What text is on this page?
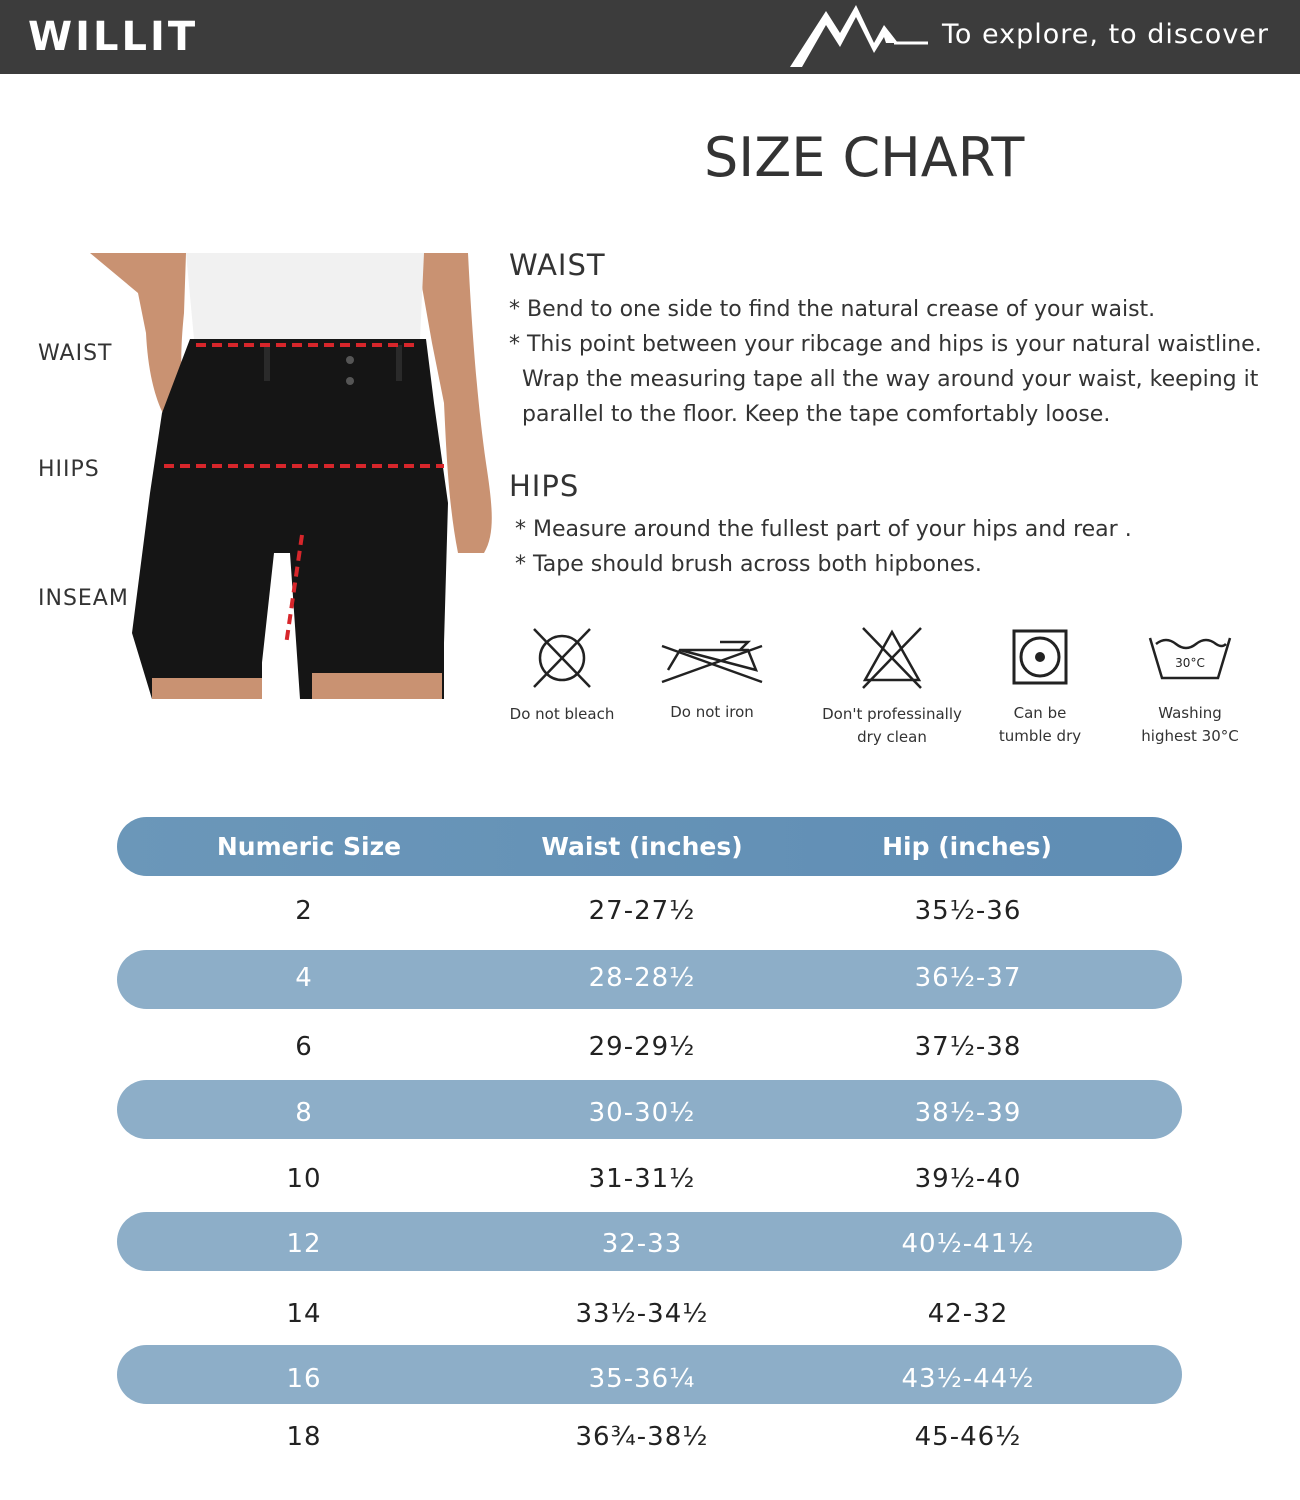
WILLIT	To explore, to discover
SIZE CHART
WAIST
HIIPS
INSEAM
WAIST
* Bend to one side to find the natural crease of your waist.
* This point between your ribcage and hips is your natural waistline.
Wrap the measuring tape all the way around your waist, keeping it
parallel to the floor. Keep the tape comfortably loose.
HIPS
* Measure around the fullest part of your hips and rear .
* Tape should brush across both hipbones.
Do not bleach	Do not iron	Don't professinally
dry clean
Can be
tumble dry
30°C
Washing
highest 30°C
Numeric Size	Waist (inches)	Hip (inches)
2	27-27½	35½-36
4	28-28½	36½-37
6	29-29½	37½-38
8	30-30½	38½-39
10	31-31½	39½-40
12	32-33	40½-41½
14	33½-34½	42-32
16	35-36¼	43½-44½
18	36¾-38½	45-46½
